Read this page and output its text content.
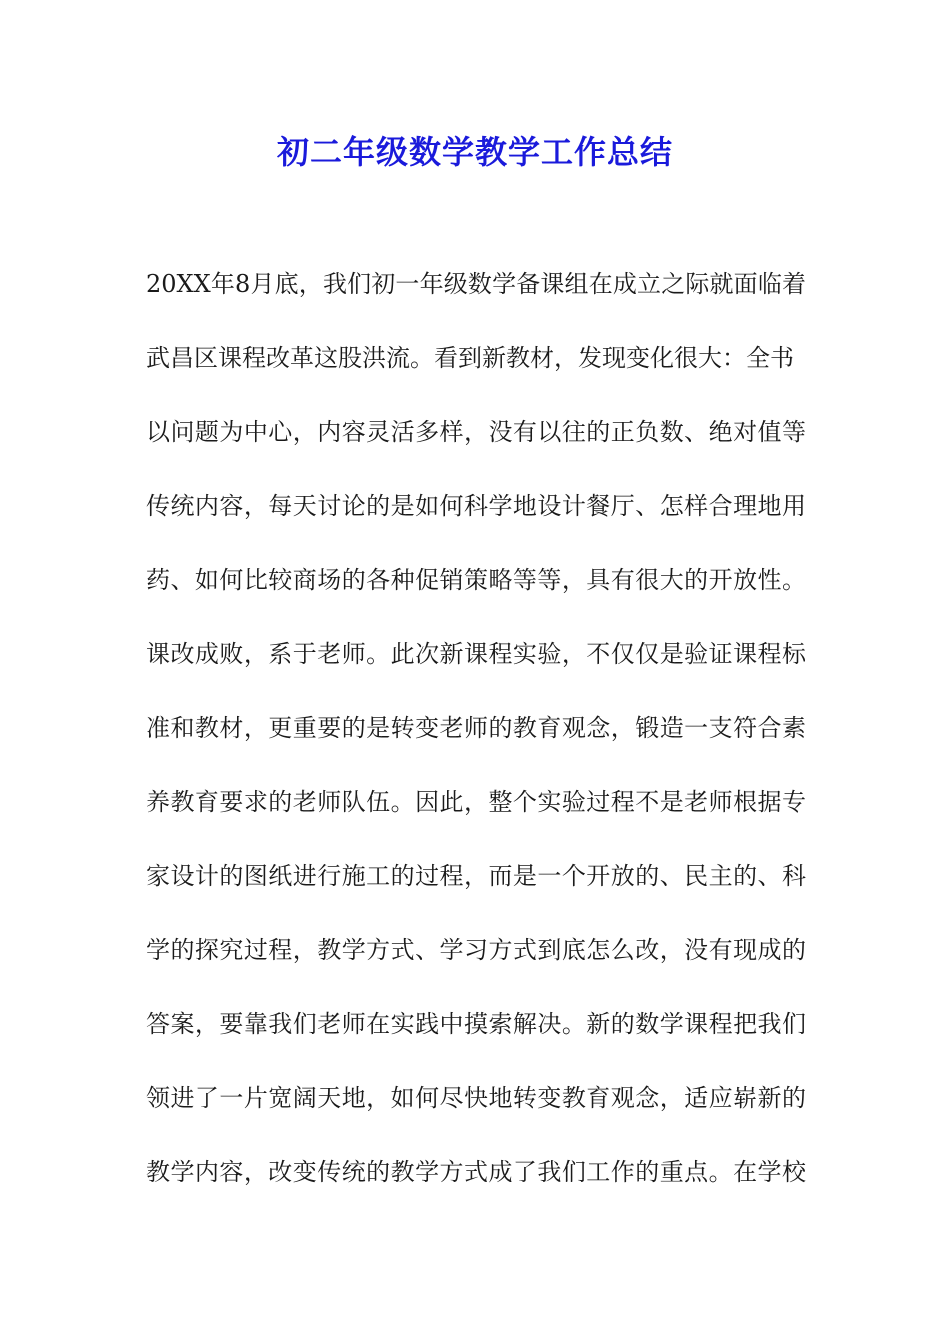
初二年级数学教学工作总结
20XX年8月底，我们初一年级数学备课组在成立之际就面临着
武昌区课程改革这股洪流。看到新教材，发现变化很大：全书
以问题为中心，内容灵活多样，没有以往的正负数、绝对值等
传统内容，每天讨论的是如何科学地设计餐厅、怎样合理地用
药、如何比较商场的各种促销策略等等，具有很大的开放性。
课改成败，系于老师。此次新课程实验，不仅仅是验证课程标
准和教材，更重要的是转变老师的教育观念，锻造一支符合素
养教育要求的老师队伍。因此，整个实验过程不是老师根据专
家设计的图纸进行施工的过程，而是一个开放的、民主的、科
学的探究过程，教学方式、学习方式到底怎么改，没有现成的
答案，要靠我们老师在实践中摸索解决。新的数学课程把我们
领进了一片宽阔天地，如何尽快地转变教育观念，适应崭新的
教学内容，改变传统的教学方式成了我们工作的重点。在学校
